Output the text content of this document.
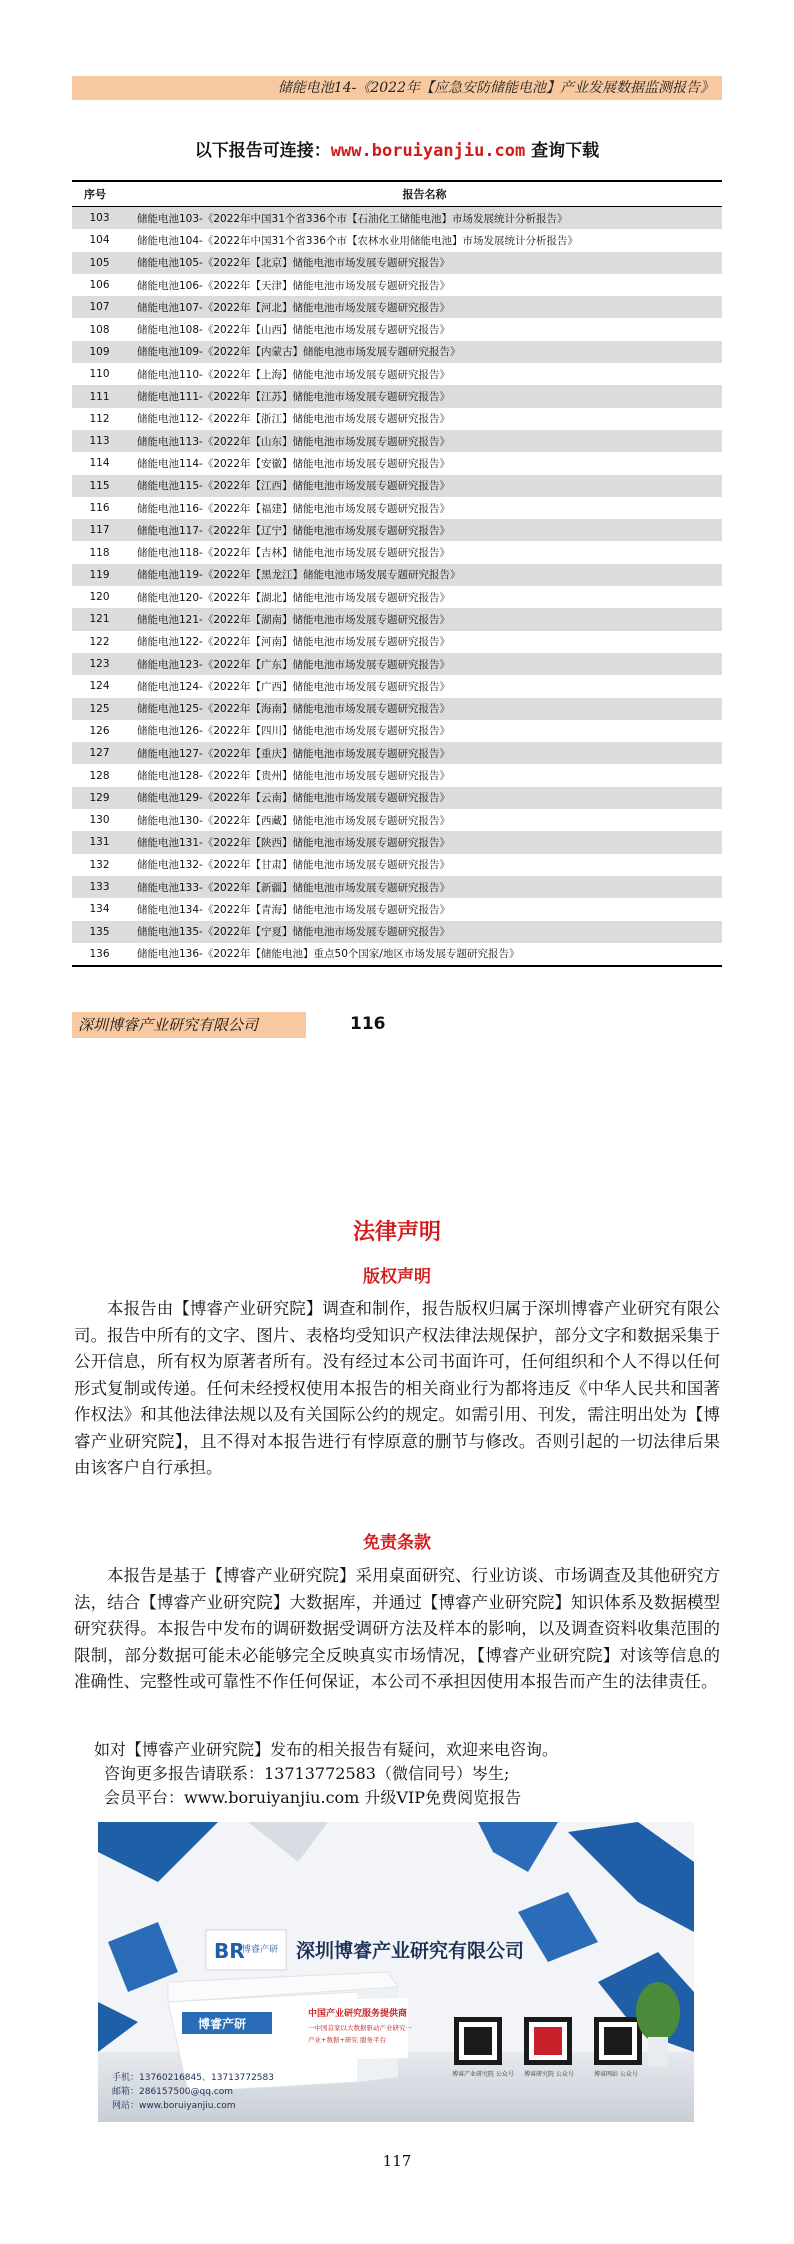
储能电池14-《2022年【应急安防储能电池】产业发展数据监测报告》
以下报告可连接：www.boruiyanjiu.com 查询下载
序号	报告名称
103	储能电池103-《2022年中国31个省336个市【石油化工储能电池】市场发展统计分析报告》
104	储能电池104-《2022年中国31个省336个市【农林水业用储能电池】市场发展统计分析报告》
105	储能电池105-《2022年【北京】储能电池市场发展专题研究报告》
106	储能电池106-《2022年【天津】储能电池市场发展专题研究报告》
107	储能电池107-《2022年【河北】储能电池市场发展专题研究报告》
108	储能电池108-《2022年【山西】储能电池市场发展专题研究报告》
109	储能电池109-《2022年【内蒙古】储能电池市场发展专题研究报告》
110	储能电池110-《2022年【上海】储能电池市场发展专题研究报告》
111	储能电池111-《2022年【江苏】储能电池市场发展专题研究报告》
112	储能电池112-《2022年【浙江】储能电池市场发展专题研究报告》
113	储能电池113-《2022年【山东】储能电池市场发展专题研究报告》
114	储能电池114-《2022年【安徽】储能电池市场发展专题研究报告》
115	储能电池115-《2022年【江西】储能电池市场发展专题研究报告》
116	储能电池116-《2022年【福建】储能电池市场发展专题研究报告》
117	储能电池117-《2022年【辽宁】储能电池市场发展专题研究报告》
118	储能电池118-《2022年【吉林】储能电池市场发展专题研究报告》
119	储能电池119-《2022年【黑龙江】储能电池市场发展专题研究报告》
120	储能电池120-《2022年【湖北】储能电池市场发展专题研究报告》
121	储能电池121-《2022年【湖南】储能电池市场发展专题研究报告》
122	储能电池122-《2022年【河南】储能电池市场发展专题研究报告》
123	储能电池123-《2022年【广东】储能电池市场发展专题研究报告》
124	储能电池124-《2022年【广西】储能电池市场发展专题研究报告》
125	储能电池125-《2022年【海南】储能电池市场发展专题研究报告》
126	储能电池126-《2022年【四川】储能电池市场发展专题研究报告》
127	储能电池127-《2022年【重庆】储能电池市场发展专题研究报告》
128	储能电池128-《2022年【贵州】储能电池市场发展专题研究报告》
129	储能电池129-《2022年【云南】储能电池市场发展专题研究报告》
130	储能电池130-《2022年【西藏】储能电池市场发展专题研究报告》
131	储能电池131-《2022年【陕西】储能电池市场发展专题研究报告》
132	储能电池132-《2022年【甘肃】储能电池市场发展专题研究报告》
133	储能电池133-《2022年【新疆】储能电池市场发展专题研究报告》
134	储能电池134-《2022年【青海】储能电池市场发展专题研究报告》
135	储能电池135-《2022年【宁夏】储能电池市场发展专题研究报告》
136	储能电池136-《2022年【储能电池】重点50个国家/地区市场发展专题研究报告》
深圳博睿产业研究有限公司	116
法律声明
版权声明
本报告由【博睿产业研究院】调查和制作，报告版权归属于深圳博睿产业研究有限公司。报告中所有的文字、图片、表格均受知识产权法律法规保护，部分文字和数据采集于公开信息，所有权为原著者所有。没有经过本公司书面许可，任何组织和个人不得以任何形式复制或传递。任何未经授权使用本报告的相关商业行为都将违反《中华人民共和国著作权法》和其他法律法规以及有关国际公约的规定。如需引用、刊发，需注明出处为【博睿产业研究院】，且不得对本报告进行有悖原意的删节与修改。否则引起的一切法律后果由该客户自行承担。
免责条款
本报告是基于【博睿产业研究院】采用桌面研究、行业访谈、市场调查及其他研究方法，结合【博睿产业研究院】大数据库，并通过【博睿产业研究院】知识体系及数据模型研究获得。本报告中发布的调研数据受调研方法及样本的影响，以及调查资料收集范围的限制，部分数据可能未必能够完全反映真实市场情况，【博睿产业研究院】对该等信息的准确性、完整性或可靠性不作任何保证，本公司不承担因使用本报告而产生的法律责任。
如对【博睿产业研究院】发布的相关报告有疑问，欢迎来电咨询。
咨询更多报告请联系：13713772583（微信同号）岑生;
会员平台：www.boruiyanjiu.com 升级VIP免费阅览报告
BR
博睿产研 深圳博睿产业研究有限公司
博睿产研
中国产业研究服务提供商
一中国首家以大数据驱动产业研究一
产业+数据+研究 服务平台
博睿产业研究院 公众号 博睿研究院 公众号	博睿网站 公众号
手机：13760216845、13713772583
邮箱：286157500@qq.com
网站：www.boruiyanjiu.com
117
